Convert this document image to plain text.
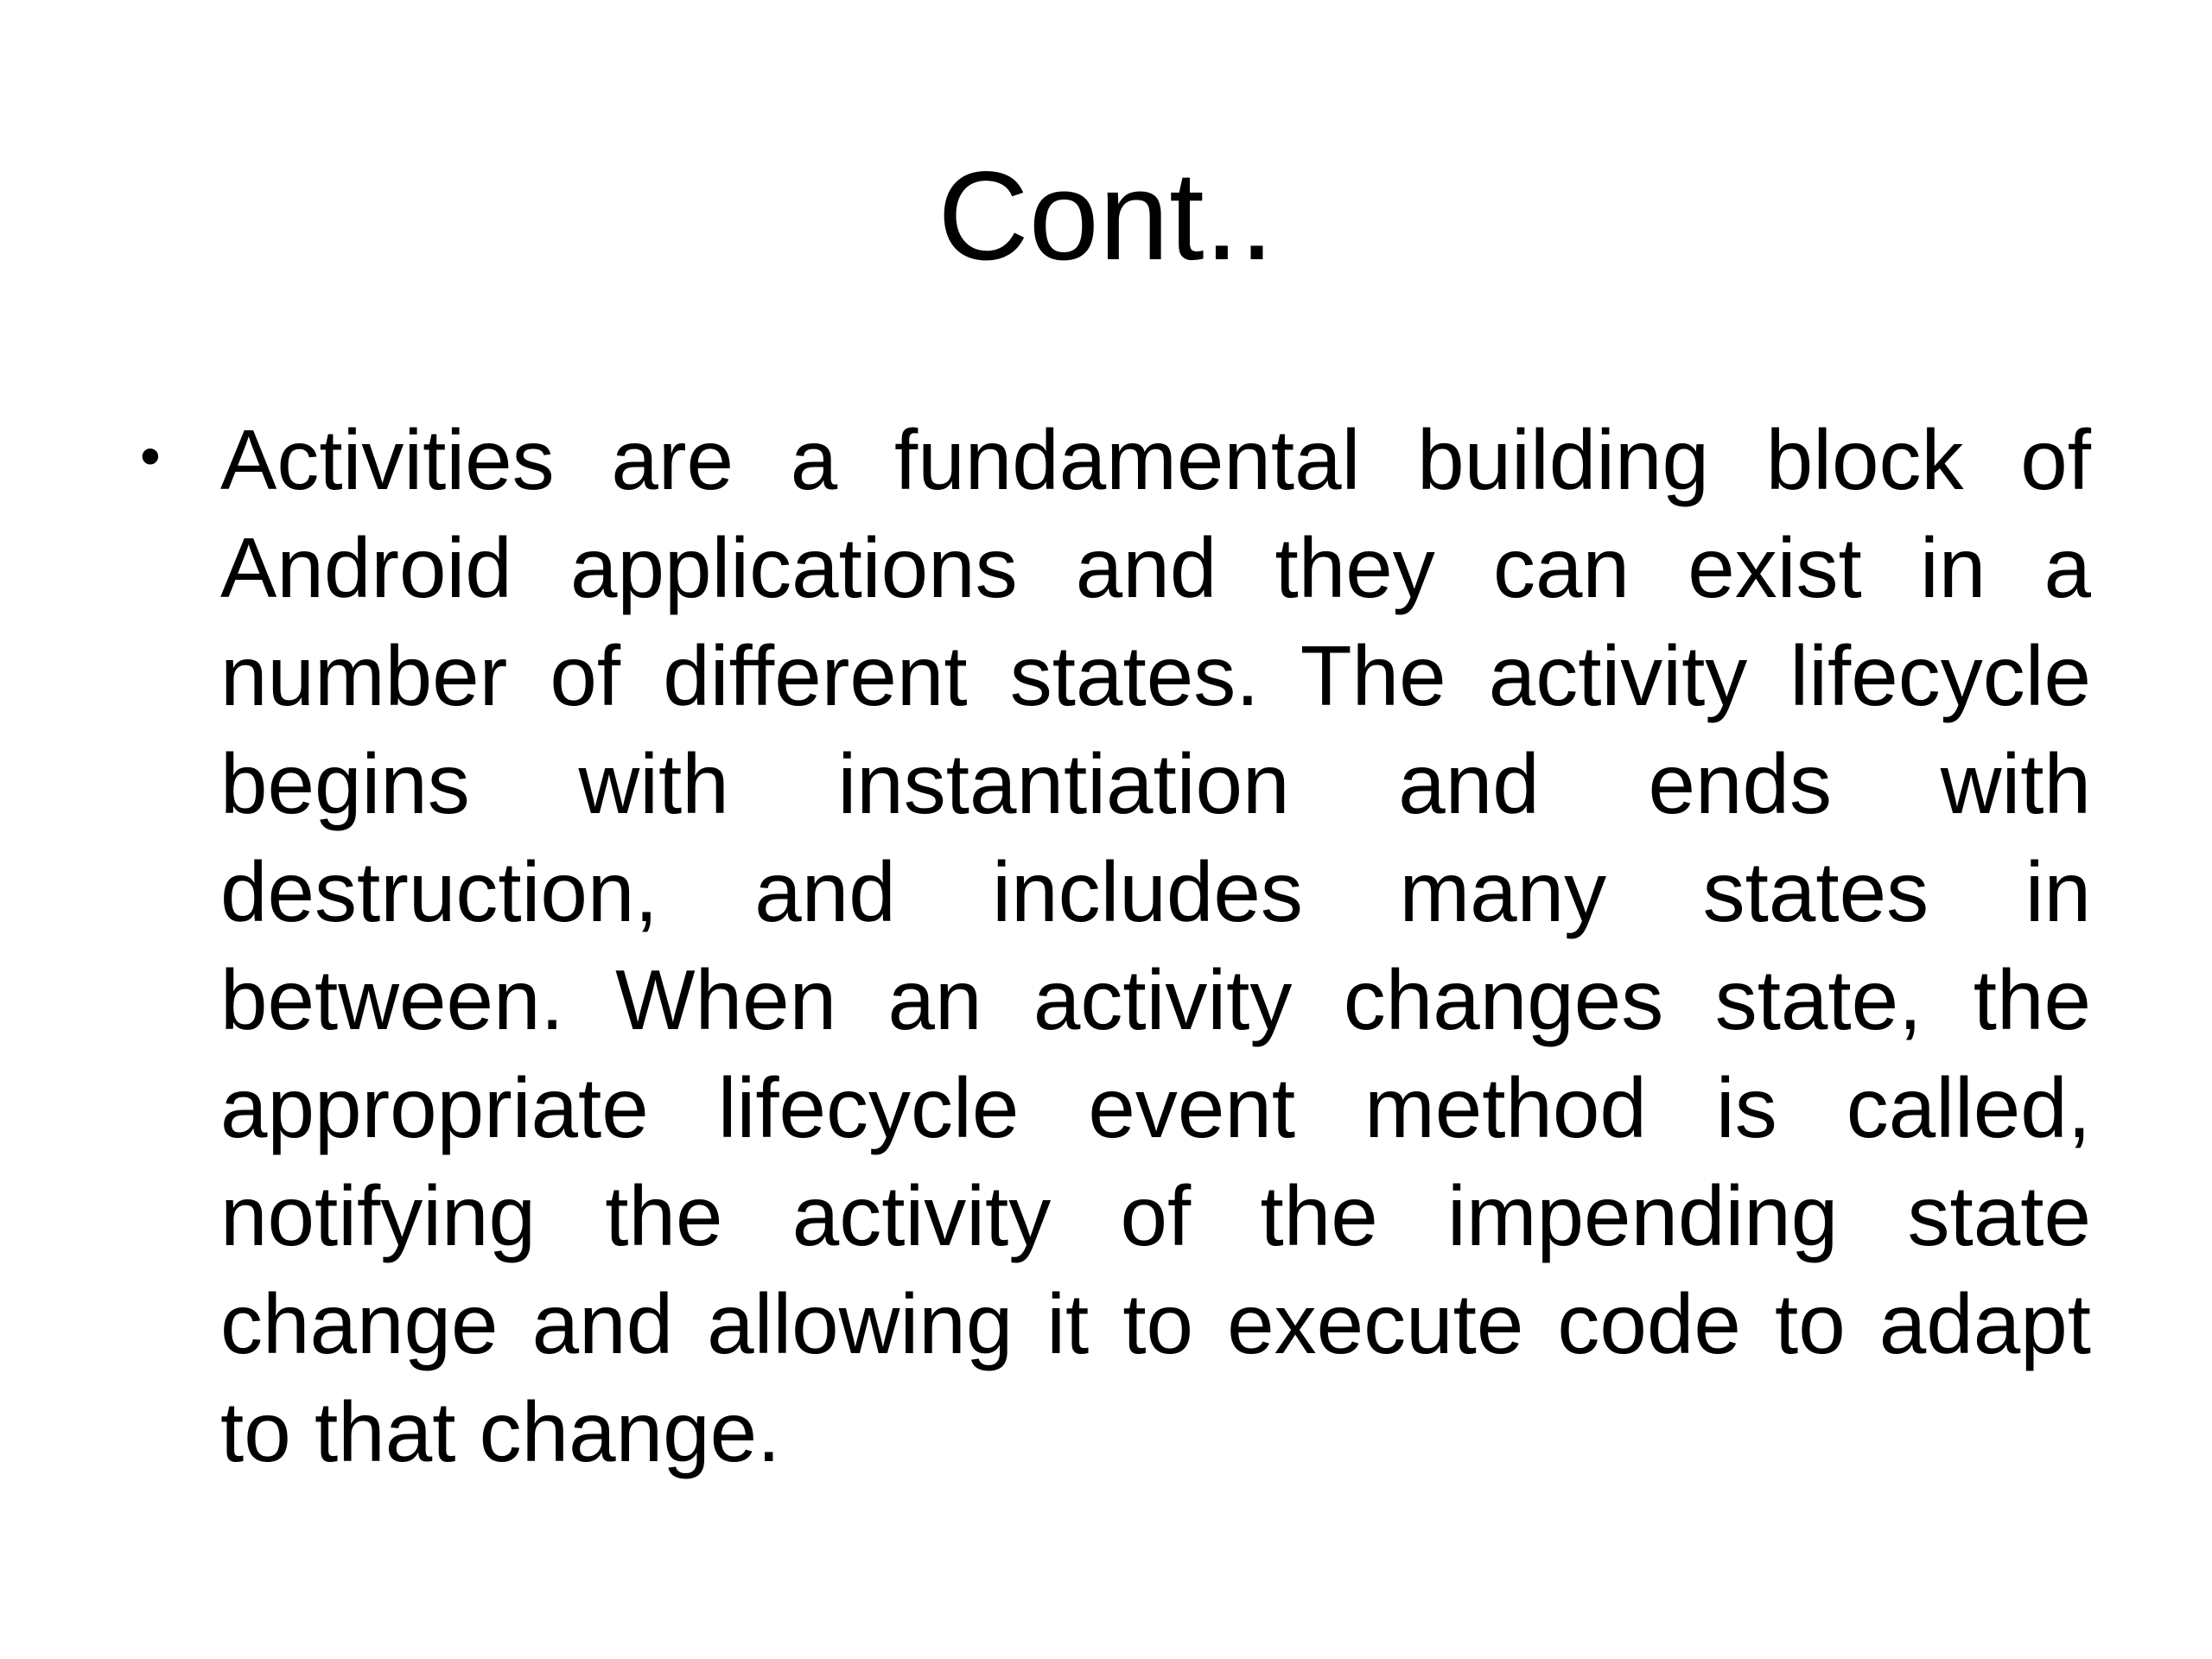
Cont..
• Activities are a fundamental building block of Android applications and they can exist in a number of different states. The activity lifecycle begins with instantiation and ends with destruction, and includes many states in between. When an activity changes state, the appropriate lifecycle event method is called, notifying the activity of the impending state change and allowing it to execute code to adapt to that change.
